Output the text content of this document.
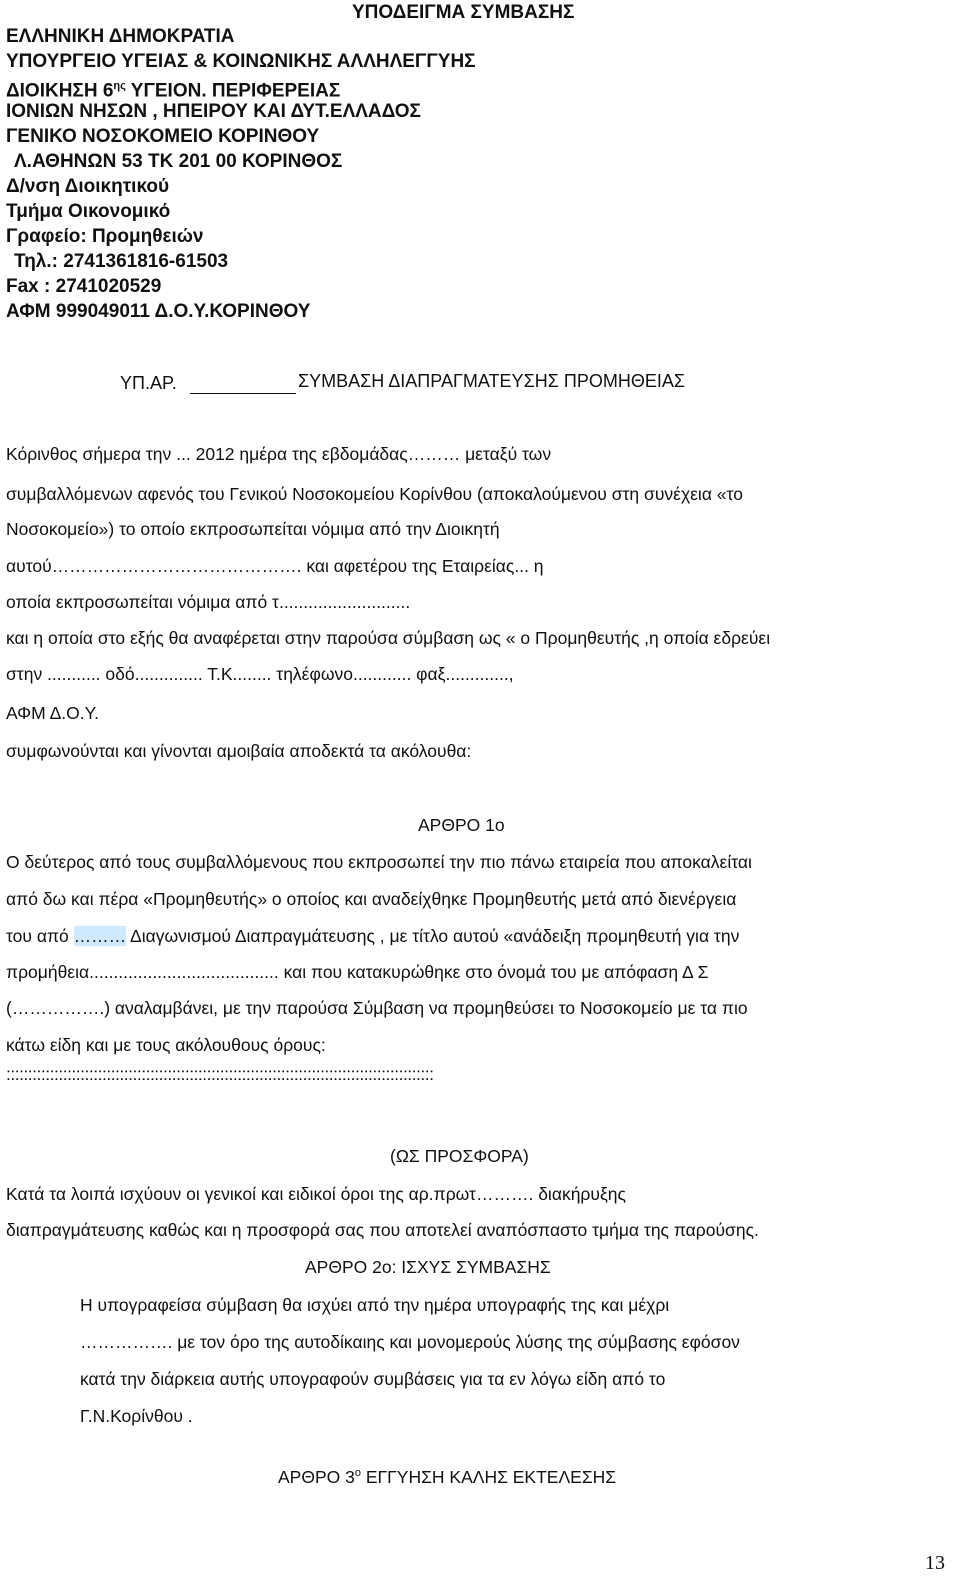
ΥΠΟΔΕΙΓΜΑ ΣΥΜΒΑΣΗΣ
ΕΛΛΗΝΙΚΗ ΔΗΜΟΚΡΑΤΙΑ
ΥΠΟΥΡΓΕΙΟ ΥΓΕΙΑΣ & ΚΟΙΝΩΝΙΚΗΣ ΑΛΛΗΛΕΓΓΥΗΣ
ΔΙΟΙΚΗΣΗ $6^{\eta\varsigma}$ ΥΓΕΙΟΝ. ΠΕΡΙΦΕΡΕΙΑΣ
ΙΟΝΙΩΝ ΝΗΣΩΝ , ΗΠΕΙΡΟΥ ΚΑΙ ΔΥΤ.ΕΛΛΑΔΟΣ
ΓΕΝΙΚΟ ΝΟΣΟΚΟΜΕΙΟ ΚΟΡΙΝΘΟΥ
Λ.ΑΘΗΝΩΝ 53 ΤΚ 201 00 ΚΟΡΙΝΘΟΣ
Δ/νση Διοικητικού
Τμήμα Οικονομικό
Γραφείο: Προμηθειών
Τηλ.: 2741361816-61503
Fax : 2741020529
ΑΦΜ 999049011 Δ.Ο.Υ.ΚΟΡΙΝΘΟΥ
ΥΠ.ΑΡ.	ΣΥΜΒΑΣΗ ΔΙΑΠΡΑΓΜΑΤΕΥΣΗΣ ΠΡΟΜΗΘΕΙΑΣ
Κόρινθος σήμερα την ... 2012 ημέρα της εβδομάδας……… μεταξύ των
συμβαλλόμενων αφενός του Γενικού Νοσοκομείου Κορίνθου (αποκαλούμενου στη συνέχεια «το
Νοσοκομείο») το οποίο εκπροσωπείται νόμιμα από την Διοικητή
αυτού……………………………………. και αφετέρου της Εταιρείας... η
οποία εκπροσωπείται νόμιμα από τ...........................
και η οποία στο εξής θα αναφέρεται στην παρούσα σύμβαση ως « ο Προμηθευτής ,η οποία εδρεύει
στην ........... οδό.............. Τ.Κ........ τηλέφωνο............ φαξ.............,
ΑΦΜ Δ.Ο.Υ.
συμφωνούνται και γίνονται αμοιβαία αποδεκτά τα ακόλουθα:
ΑΡΘΡΟ 1ο
Ο δεύτερος από τους συμβαλλόμενους που εκπροσωπεί την πιο πάνω εταιρεία που αποκαλείται
από δω και πέρα «Προμηθευτής» ο οποίος και αναδείχθηκε Προμηθευτής μετά από διενέργεια
του από ……… Διαγωνισμού Διαπραγμάτευσης , με τίτλο αυτού «ανάδειξη προμηθευτή για την
προμήθεια....................................... και που κατακυρώθηκε στο όνομά του με απόφαση Δ Σ
(…………….) αναλαμβάνει, με την παρούσα Σύμβαση να προμηθεύσει το Νοσοκομείο με τα πιο
κάτω είδη και με τους ακόλουθους όρους:
::::::::::::::::::::::::::::::::::::::::::::::::::::::::::::::::::::::::::::::::::::::::::::::::::
(ΩΣ ΠΡΟΣΦΟΡΑ)
Κατά τα λοιπά ισχύουν οι γενικοί και ειδικοί όροι της αρ.πρωτ………. διακήρυξης
διαπραγμάτευσης καθώς και η προσφορά σας που αποτελεί αναπόσπαστο τμήμα της παρούσης.
ΑΡΘΡΟ 2ο: ΙΣΧΥΣ ΣΥΜΒΑΣΗΣ
Η υπογραφείσα σύμβαση θα ισχύει από την ημέρα υπογραφής της και μέχρι
……………. με τον όρο της αυτοδίκαιης και μονομερούς λύσης της σύμβασης εφόσον
κατά την διάρκεια αυτής υπογραφούν συμβάσεις για τα εν λόγω είδη από το
Γ.Ν.Κορίνθου .
ΑΡΘΡΟ $3^o$ ΕΓΓΥΗΣΗ ΚΑΛΗΣ ΕΚΤΕΛΕΣΗΣ
13
